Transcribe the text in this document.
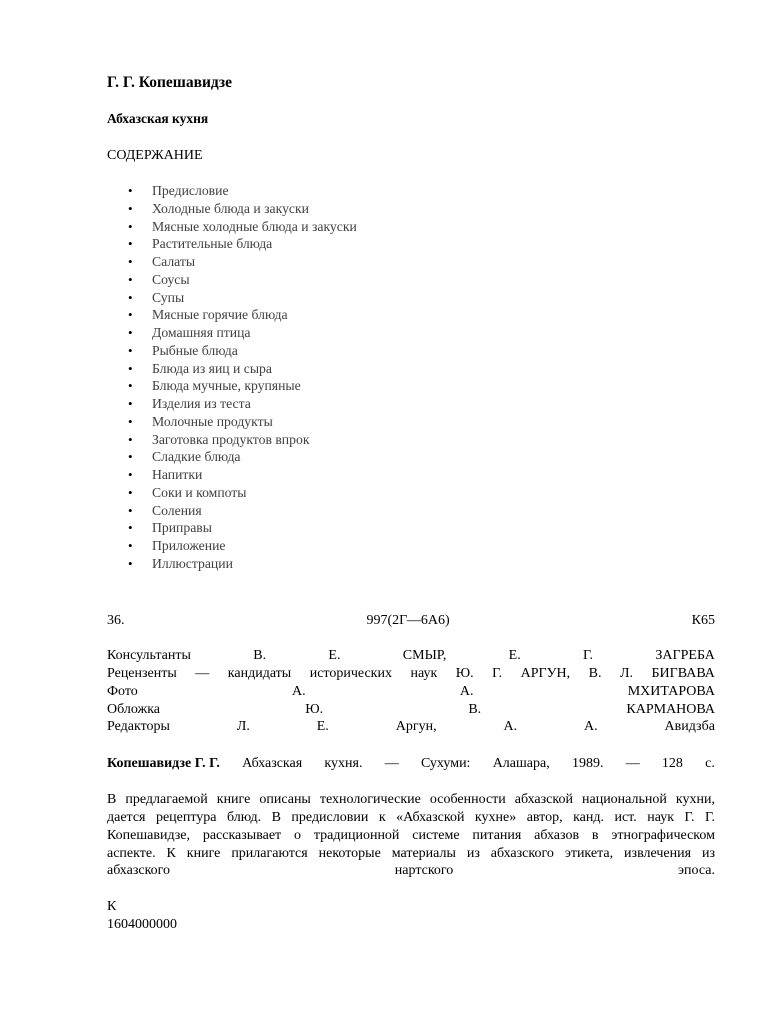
Г. Г. Копешавидзе
Абхазская кухня
СОДЕРЖАНИЕ
• Предисловие
• Холодные блюда и закуски
• Мясные холодные блюда и закуски
• Растительные блюда
• Салаты
• Соусы
• Супы
• Мясные горячие блюда
• Домашняя птица
• Рыбные блюда
• Блюда из яиц и сыра
• Блюда мучные, крупяные
• Изделия из теста
• Молочные продукты
• Заготовка продуктов впрок
• Сладкие блюда
• Напитки
• Соки и компоты
• Соления
• Приправы
• Приложение
• Иллюстрации
36.	997(2Г—6А6)	К65
Консультанты	В.	Е.	СМЫР,	Е.	Г.	ЗАГРЕБА
Рецензенты — кандидаты исторических наук Ю. Г. АРГУН, В. Л. БИГВАВА
Фото	А.	А.	МХИТАРОВА
Обложка	Ю.	В.	КАРМАНОВА
Редакторы	Л.	Е.	Аргун,	А.	А.	Авидзба
Копешавидзе Г. Г. Абхазская кухня. — Сухуми: Алашара, 1989. — 128 с.
В предлагаемой книге описаны технологические особенности абхазской национальной кухни,
дается рецептура блюд. В предисловии к «Абхазской кухне» автор, канд. ист. наук Г. Г.
Копешавидзе, рассказывает о традиционной системе питания абхазов в этнографическом
аспекте. К книге прилагаются некоторые материалы из абхазского этикета, извлечения из
абхазского нартского эпоса.
К
1604000000
